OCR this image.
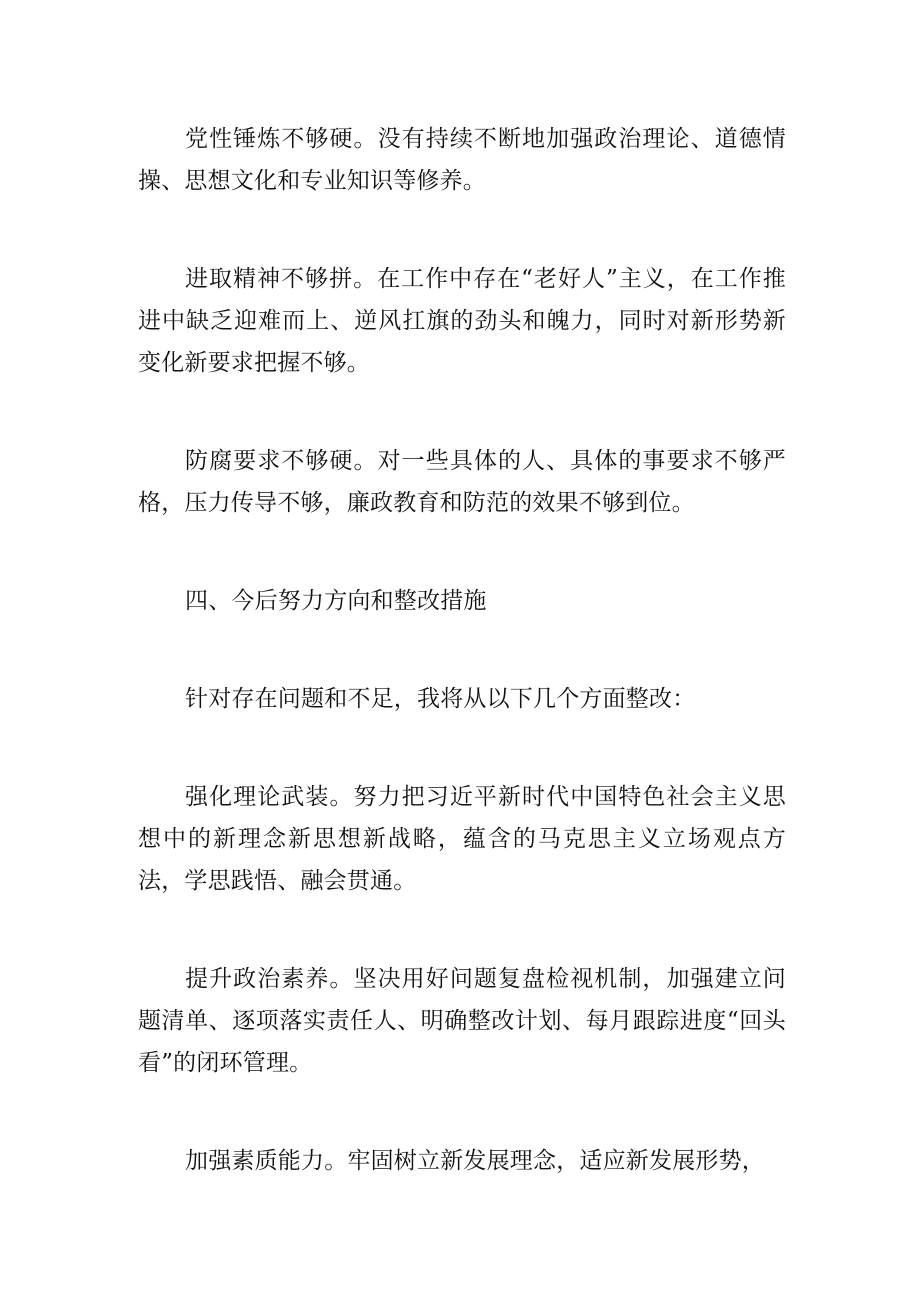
党性锤炼不够硬。没有持续不断地加强政治理论、道德情操、思想文化和专业知识等修养。

进取精神不够拼。在工作中存在“老好人”主义，在工作推进中缺乏迎难而上、逆风扛旗的劲头和魄力，同时对新形势新变化新要求把握不够。

防腐要求不够硬。对一些具体的人、具体的事要求不够严格，压力传导不够，廉政教育和防范的效果不够到位。

四、今后努力方向和整改措施

针对存在问题和不足，我将从以下几个方面整改：

强化理论武装。努力把习近平新时代中国特色社会主义思想中的新理念新思想新战略，蕴含的马克思主义立场观点方法，学思践悟、融会贯通。

提升政治素养。坚决用好问题复盘检视机制，加强建立问题清单、逐项落实责任人、明确整改计划、每月跟踪进度“回头看”的闭环管理。

加强素质能力。牢固树立新发展理念，适应新发展形势，
